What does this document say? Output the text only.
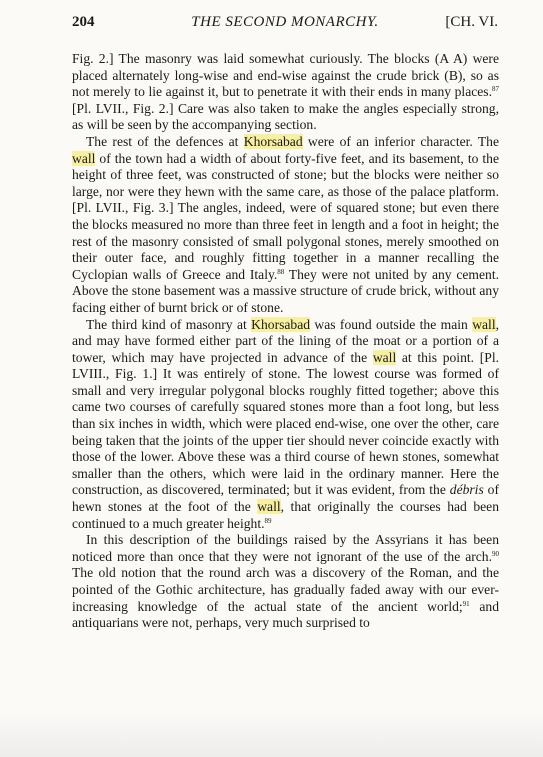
204	THE SECOND MONARCHY.	[CH. VI.

Fig. 2.] The masonry was laid somewhat curiously. The blocks (A A) were placed alternately long-wise and end-wise against the crude brick (B), so as not merely to lie against it, but to penetrate it with their ends in many places.$^{87}$ [Pl. LVII., Fig. 2.] Care was also taken to make the angles especially strong, as will be seen by the accompanying section.

The rest of the defences at Khorsabad were of an inferior character. The wall of the town had a width of about forty-five feet, and its basement, to the height of three feet, was constructed of stone; but the blocks were neither so large, nor were they hewn with the same care, as those of the palace platform. [Pl. LVII., Fig. 3.] The angles, indeed, were of squared stone; but even there the blocks measured no more than three feet in length and a foot in height; the rest of the masonry consisted of small polygonal stones, merely smoothed on their outer face, and roughly fitting together in a manner recalling the Cyclopian walls of Greece and Italy.$^{88}$ They were not united by any cement. Above the stone basement was a massive structure of crude brick, without any facing either of burnt brick or of stone.

The third kind of masonry at Khorsabad was found outside the main wall, and may have formed either part of the lining of the moat or a portion of a tower, which may have projected in advance of the wall at this point. [Pl. LVIII., Fig. 1.] It was entirely of stone. The lowest course was formed of small and very irregular polygonal blocks roughly fitted together; above this came two courses of carefully squared stones more than a foot long, but less than six inches in width, which were placed end-wise, one over the other, care being taken that the joints of the upper tier should never coincide exactly with those of the lower. Above these was a third course of hewn stones, somewhat smaller than the others, which were laid in the ordinary manner. Here the construction, as discovered, terminated; but it was evident, from the débris of hewn stones at the foot of the wall, that originally the courses had been continued to a much greater height.$^{89}$

In this description of the buildings raised by the Assyrians it has been noticed more than once that they were not ignorant of the use of the arch.$^{90}$ The old notion that the round arch was a discovery of the Roman, and the pointed of the Gothic architecture, has gradually faded away with our ever-increasing knowledge of the actual state of the ancient world;$^{91}$ and antiquarians were not, perhaps, very much surprised to
